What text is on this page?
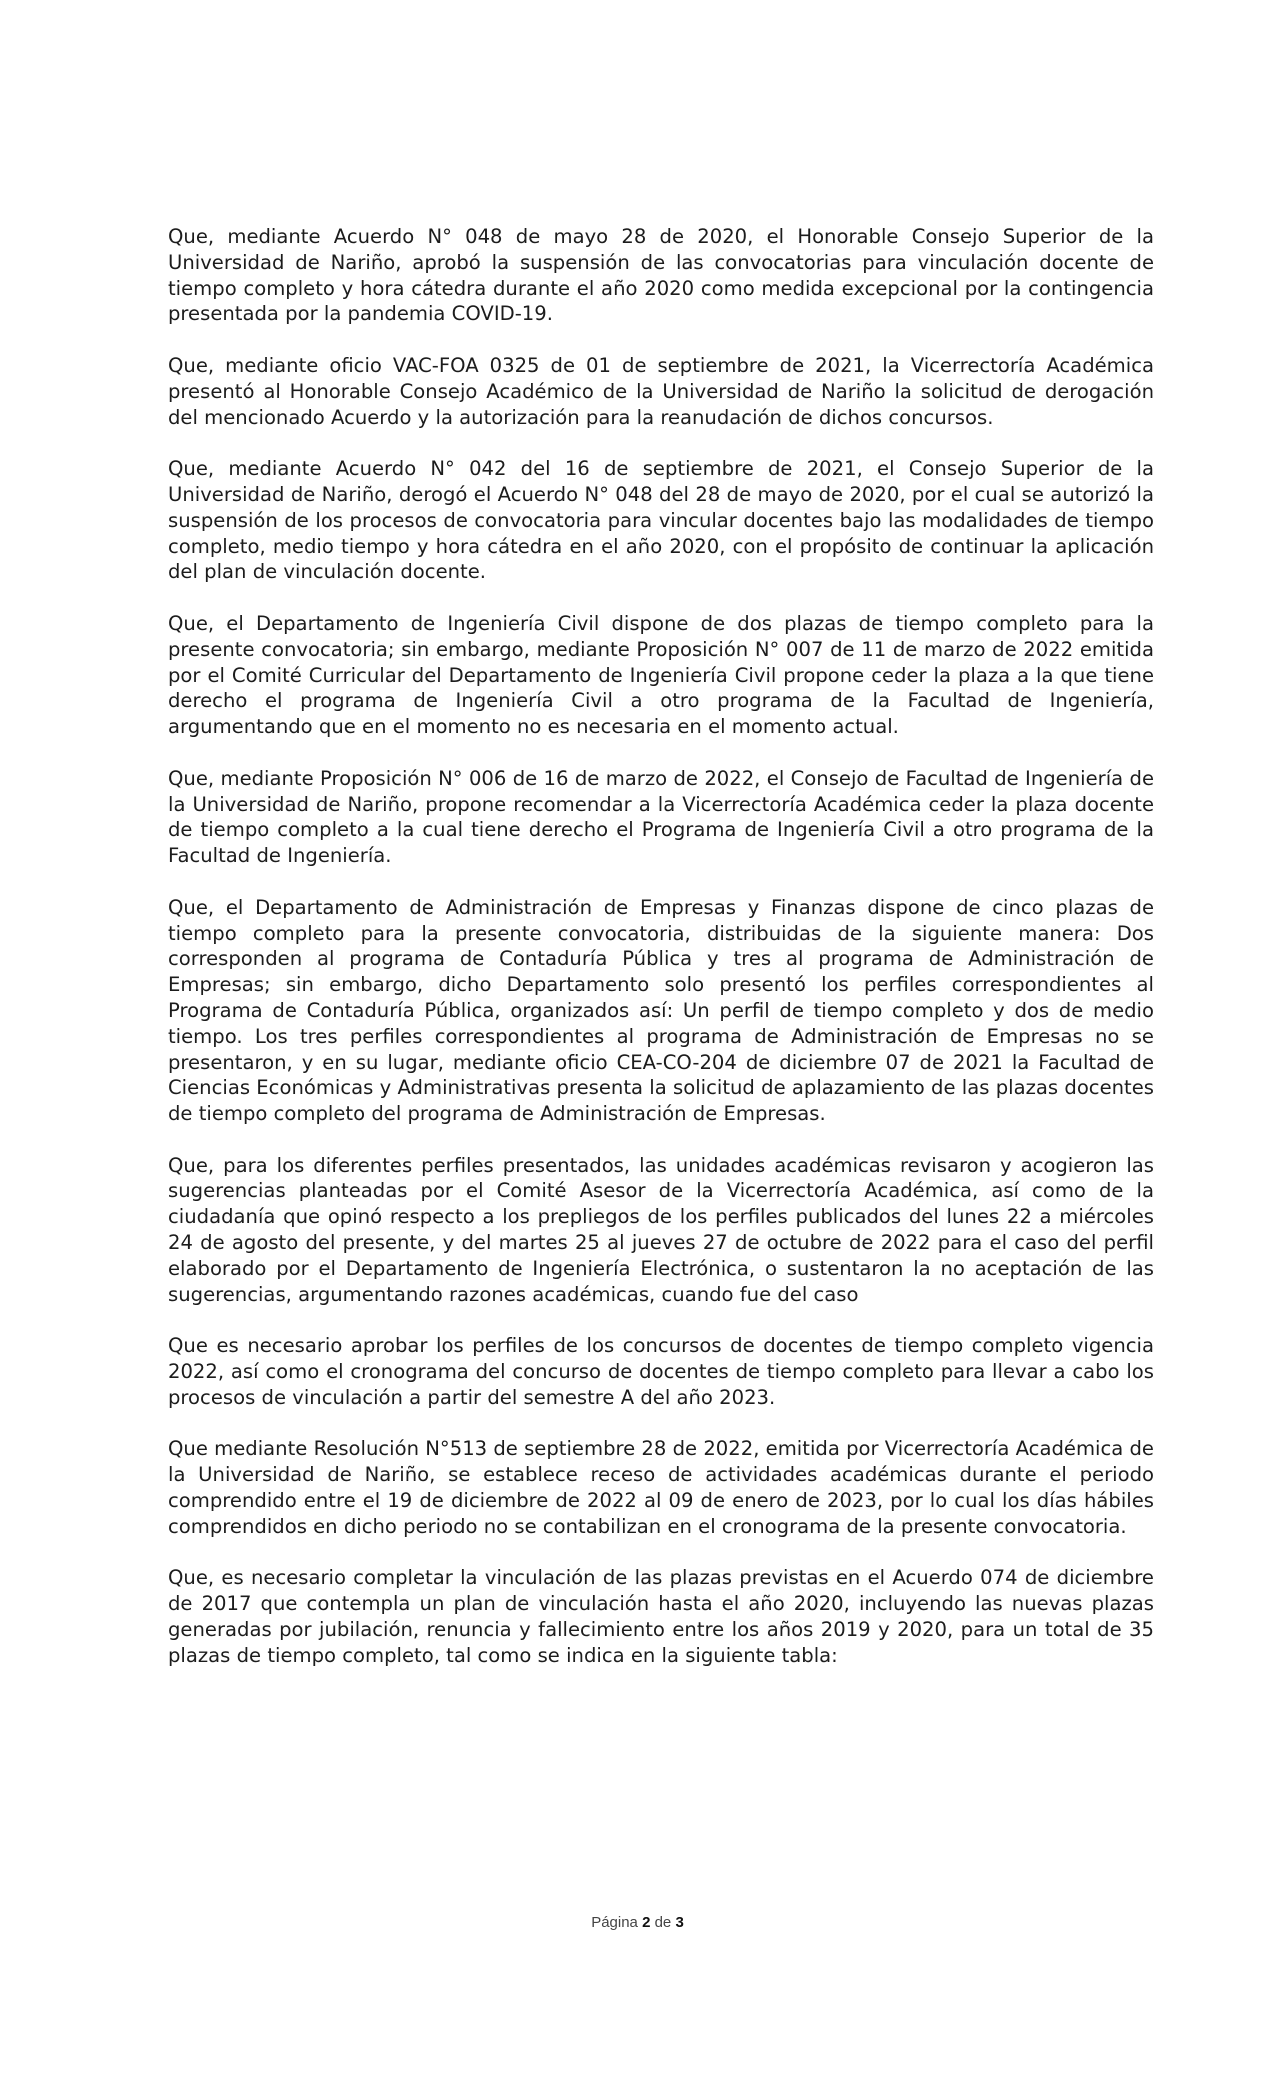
Que, mediante Acuerdo N° 048 de mayo 28 de 2020, el Honorable Consejo Superior de la Universidad de Nariño, aprobó la suspensión de las convocatorias para vinculación docente de tiempo completo y hora cátedra durante el año 2020 como medida excepcional por la contingencia presentada por la pandemia COVID-19.

Que, mediante oficio VAC-FOA 0325 de 01 de septiembre de 2021, la Vicerrectoría Académica presentó al Honorable Consejo Académico de la Universidad de Nariño la solicitud de derogación del mencionado Acuerdo y la autorización para la reanudación de dichos concursos.

Que, mediante Acuerdo N° 042 del 16 de septiembre de 2021, el Consejo Superior de la Universidad de Nariño, derogó el Acuerdo N° 048 del 28 de mayo de 2020, por el cual se autorizó la suspensión de los procesos de convocatoria para vincular docentes bajo las modalidades de tiempo completo, medio tiempo y hora cátedra en el año 2020, con el propósito de continuar la aplicación del plan de vinculación docente.

Que, el Departamento de Ingeniería Civil dispone de dos plazas de tiempo completo para la presente convocatoria; sin embargo, mediante Proposición N° 007 de 11 de marzo de 2022 emitida por el Comité Curricular del Departamento de Ingeniería Civil propone ceder la plaza a la que tiene derecho el programa de Ingeniería Civil a otro programa de la Facultad de Ingeniería, argumentando que en el momento no es necesaria en el momento actual.

Que, mediante Proposición N° 006 de 16 de marzo de 2022, el Consejo de Facultad de Ingeniería de la Universidad de Nariño, propone recomendar a la Vicerrectoría Académica ceder la plaza docente de tiempo completo a la cual tiene derecho el Programa de Ingeniería Civil a otro programa de la Facultad de Ingeniería.

Que, el Departamento de Administración de Empresas y Finanzas dispone de cinco plazas de tiempo completo para la presente convocatoria, distribuidas de la siguiente manera: Dos corresponden al programa de Contaduría Pública y tres al programa de Administración de Empresas; sin embargo, dicho Departamento solo presentó los perfiles correspondientes al Programa de Contaduría Pública, organizados así: Un perfil de tiempo completo y dos de medio tiempo. Los tres perfiles correspondientes al programa de Administración de Empresas no se presentaron, y en su lugar, mediante oficio CEA-CO-204 de diciembre 07 de 2021 la Facultad de Ciencias Económicas y Administrativas presenta la solicitud de aplazamiento de las plazas docentes de tiempo completo del programa de Administración de Empresas.

Que, para los diferentes perfiles presentados, las unidades académicas revisaron y acogieron las sugerencias planteadas por el Comité Asesor de la Vicerrectoría Académica, así como de la ciudadanía que opinó respecto a los prepliegos de los perfiles publicados del lunes 22 a miércoles 24 de agosto del presente, y del martes 25 al jueves 27 de octubre de 2022 para el caso del perfil elaborado por el Departamento de Ingeniería Electrónica, o sustentaron la no aceptación de las sugerencias, argumentando razones académicas, cuando fue del caso

Que es necesario aprobar los perfiles de los concursos de docentes de tiempo completo vigencia 2022, así como el cronograma del concurso de docentes de tiempo completo para llevar a cabo los procesos de vinculación a partir del semestre A del año 2023.

Que mediante Resolución N°513 de septiembre 28 de 2022, emitida por Vicerrectoría Académica de la Universidad de Nariño, se establece receso de actividades académicas durante el periodo comprendido entre el 19 de diciembre de 2022 al 09 de enero de 2023, por lo cual los días hábiles comprendidos en dicho periodo no se contabilizan en el cronograma de la presente convocatoria.

Que, es necesario completar la vinculación de las plazas previstas en el Acuerdo 074 de diciembre de 2017 que contempla un plan de vinculación hasta el año 2020, incluyendo las nuevas plazas generadas por jubilación, renuncia y fallecimiento entre los años 2019 y 2020, para un total de 35 plazas de tiempo completo, tal como se indica en la siguiente tabla:

Página 2 de 3
